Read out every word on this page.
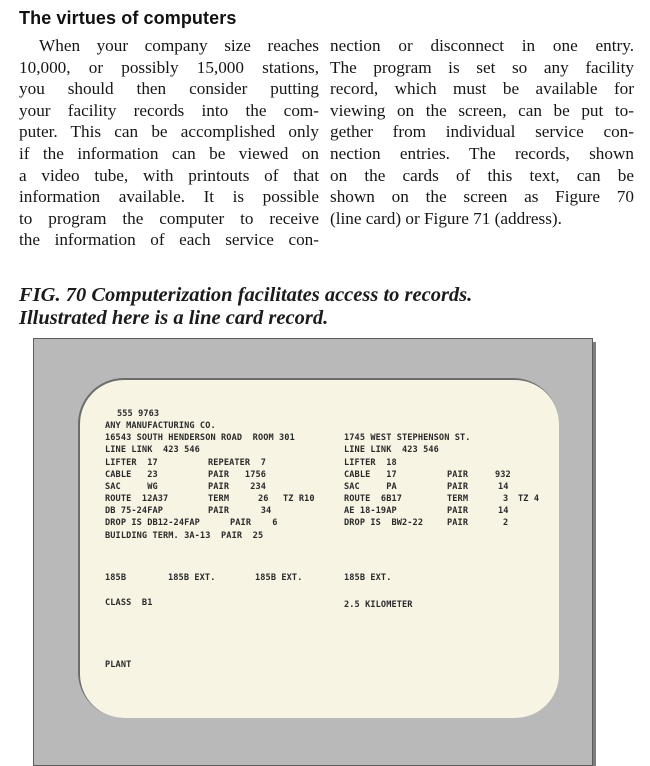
The virtues of computers
When your company size reaches
10,000, or possibly 15,000 stations,
you should then consider putting
your facility records into the com-
puter. This can be accomplished only
if the information can be viewed on
a video tube, with printouts of that
information available. It is possible
to program the computer to receive
the information of each service con-
nection or disconnect in one entry.
The program is set so any facility
record, which must be available for
viewing on the screen, can be put to-
gether from individual service con-
nection entries. The records, shown
on the cards of this text, can be
shown on the screen as Figure 70
(line card) or Figure 71 (address).
FIG. 70 Computerization facilitates access to records.
Illustrated here is a line card record.
555 9763
ANY MANUFACTURING CO.
16543 SOUTH HENDERSON ROAD  ROOM 301
LINE LINK  423 546
LIFTER  17	REPEATER  7
CABLE   23	PAIR   1756
SAC     WG	PAIR    234
ROUTE  12A37	TERM	26 TZ R10
DB 75-24FAP	PAIR      34
DROP IS DB12-24FAP	PAIR    6
BUILDING TERM. 3A-13  PAIR  25
1745 WEST STEPHENSON ST.
LINE LINK  423 546
LIFTER  18
CABLE   17	PAIR	932
SAC     PA	PAIR	14
ROUTE  6B17	TERM	3 TZ 4
AE 18-19AP	PAIR	14
DROP IS  BW2-22	PAIR	2
185B	185B EXT.	185B EXT.	185B EXT.
CLASS  B1	2.5 KILOMETER
PLANT
